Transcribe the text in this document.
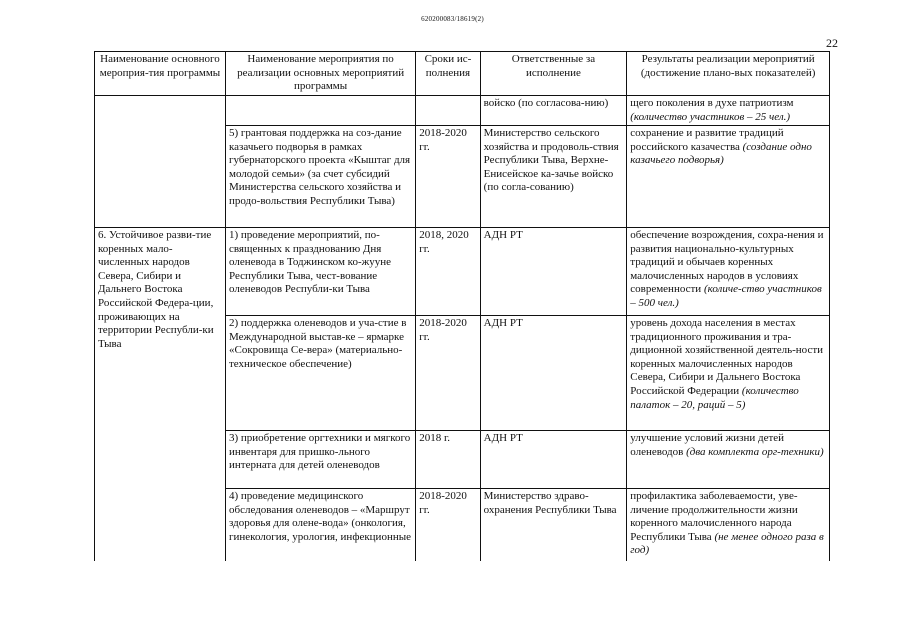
620200083/18619(2)
22
Наименование основного мероприя-тия программы	Наименование мероприятия по реализации основных мероприятий программы	Сроки ис-полнения	Ответственные за исполнение	Результаты реализации мероприятий (достижение плано-вых показателей)
			войско (по согласова-нию)	щего поколения в духе патриотизм (количество участников – 25 чел.)
	5) грантовая поддержка на соз-дание казачьего подворья в рамках губернаторского проекта «Кыштаг для молодой семьи» (за счет субсидий Министерства сельского хозяйства и продо-вольствия Республики Тыва)	2018-2020 гг.	Министерство сельского хозяйства и продоволь-ствия Республики Тыва, Верхне-Енисейское ка-зачье войско (по согла-сованию)	сохранение и развитие традиций российского казачества (создание одно казачьего подворья)
6. Устойчивое разви-тие коренных мало-численных народов Севера, Сибири и Дальнего Востока Российской Федера-ции, проживающих на территории Республи-ки Тыва	1) проведение мероприятий, по-священных к празднованию Дня оленевода в Тоджинском ко-жууне Республики Тыва, чест-вование оленеводов Республи-ки Тыва	2018, 2020 гг.	АДН РТ	обеспечение возрождения, сохра-нения и развития национально-культурных традиций и обычаев коренных малочисленных народов в условиях современности (количе-ство участников – 500 чел.)
	2) поддержка оленеводов и уча-стие в Международной выстав-ке – ярмарке «Сокровища Се-вера» (материально-техническое обеспечение)	2018-2020 гг.	АДН РТ	уровень дохода населения в местах традиционного проживания и тра-диционной хозяйственной деятель-ности коренных малочисленных народов Севера, Сибири и Дальнего Востока Российской Федерации (количество палаток – 20, раций – 5)
	3) приобретение оргтехники и мягкого инвентаря для пришко-льного интерната для детей оленеводов	2018 г.	АДН РТ	улучшение условий жизни детей оленеводов (два комплекта орг-техники)
	4) проведение медицинского обследования оленеводов – «Маршрут здоровья для олене-вода» (онкология, гинекология, урология, инфекционные	2018-2020 гг.	Министерство здраво-охранения Республики Тыва	профилактика заболеваемости, уве-личение продолжительности жизни коренного малочисленного народа Республики Тыва (не менее одного раза в год)
